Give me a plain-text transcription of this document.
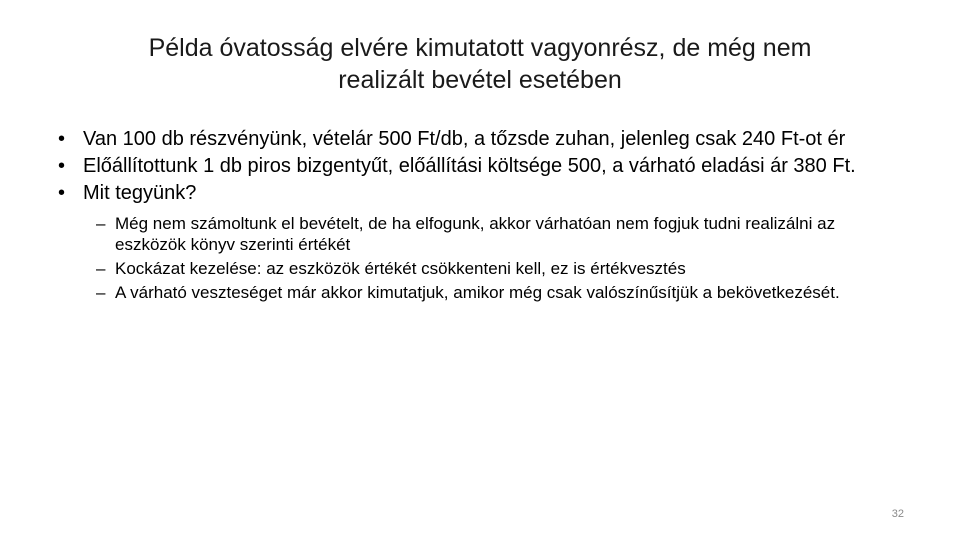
Példa óvatosság elvére kimutatott vagyonrész, de még nem
realizált bevétel esetében
• Van 100 db részvényünk, vételár 500 Ft/db, a tőzsde zuhan, jelenleg csak 240 Ft-ot ér
• Előállítottunk 1 db piros bizgentyűt, előállítási költsége 500, a várható eladási ár 380 Ft.
• Mit tegyünk?
– Még nem számoltunk el bevételt, de ha elfogunk, akkor várhatóan nem fogjuk tudni realizálni az eszközök könyv szerinti értékét
– Kockázat kezelése: az eszközök értékét csökkenteni kell, ez is értékvesztés
– A várható veszteséget már akkor kimutatjuk, amikor még csak valószínűsítjük a bekövetkezését.
32
